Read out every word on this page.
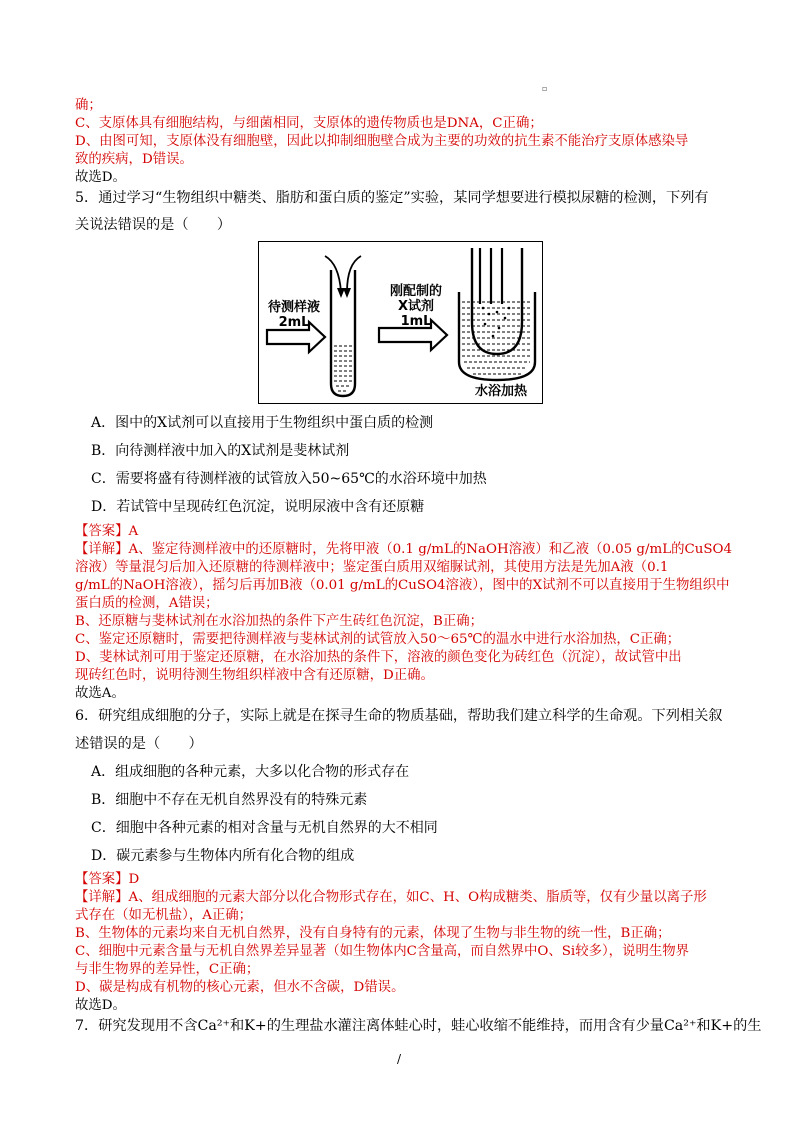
▫
确；
C、支原体具有细胞结构，与细菌相同，支原体的遗传物质也是DNA，C正确；
D、由图可知，支原体没有细胞壁，因此以抑制细胞壁合成为主要的功效的抗生素不能治疗支原体感染导
致的疾病，D错误。
故选D。
5．通过学习“生物组织中糖类、脂肪和蛋白质的鉴定”实验，某同学想要进行模拟尿糖的检测，下列有
关说法错误的是（　　）
待测样液
2mL
刚配制的
X试剂
1mL
水浴加热
A．图中的X试剂可以直接用于生物组织中蛋白质的检测
B．向待测样液中加入的X试剂是斐林试剂
C．需要将盛有待测样液的试管放入50~65℃的水浴环境中加热
D．若试管中呈现砖红色沉淀，说明尿液中含有还原糖
【答案】A
【详解】A、鉴定待测样液中的还原糖时，先将甲液（0.1 g/mL的NaOH溶液）和乙液（0.05 g/mL的CuSO4
溶液）等量混匀后加入还原糖的待测样液中；鉴定蛋白质用双缩脲试剂，其使用方法是先加A液（0.1
g/mL的NaOH溶液），摇匀后再加B液（0.01 g/mL的CuSO4溶液），图中的X试剂不可以直接用于生物组织中
蛋白质的检测，A错误；
B、还原糖与斐林试剂在水浴加热的条件下产生砖红色沉淀，B正确；
C、鉴定还原糖时，需要把待测样液与斐林试剂的试管放入50～65℃的温水中进行水浴加热，C正确；
D、斐林试剂可用于鉴定还原糖，在水浴加热的条件下，溶液的颜色变化为砖红色（沉淀），故试管中出
现砖红色时，说明待测生物组织样液中含有还原糖，D正确。
故选A。
6．研究组成细胞的分子，实际上就是在探寻生命的物质基础，帮助我们建立科学的生命观。下列相关叙
述错误的是（　　）
A．组成细胞的各种元素，大多以化合物的形式存在
B．细胞中不存在无机自然界没有的特殊元素
C．细胞中各种元素的相对含量与无机自然界的大不相同
D．碳元素参与生物体内所有化合物的组成
【答案】D
【详解】A、组成细胞的元素大部分以化合物形式存在，如C、H、O构成糖类、脂质等，仅有少量以离子形
式存在（如无机盐），A正确；
B、生物体的元素均来自无机自然界，没有自身特有的元素，体现了生物与非生物的统一性，B正确；
C、细胞中元素含量与无机自然界差异显著（如生物体内C含量高，而自然界中O、Si较多），说明生物界
与非生物界的差异性，C正确；
D、碳是构成有机物的核心元素，但水不含碳，D错误。
故选D。
7．研究发现用不含Ca²⁺和K+的生理盐水灌注离体蛙心时，蛙心收缩不能维持，而用含有少量Ca²⁺和K+的生
/
